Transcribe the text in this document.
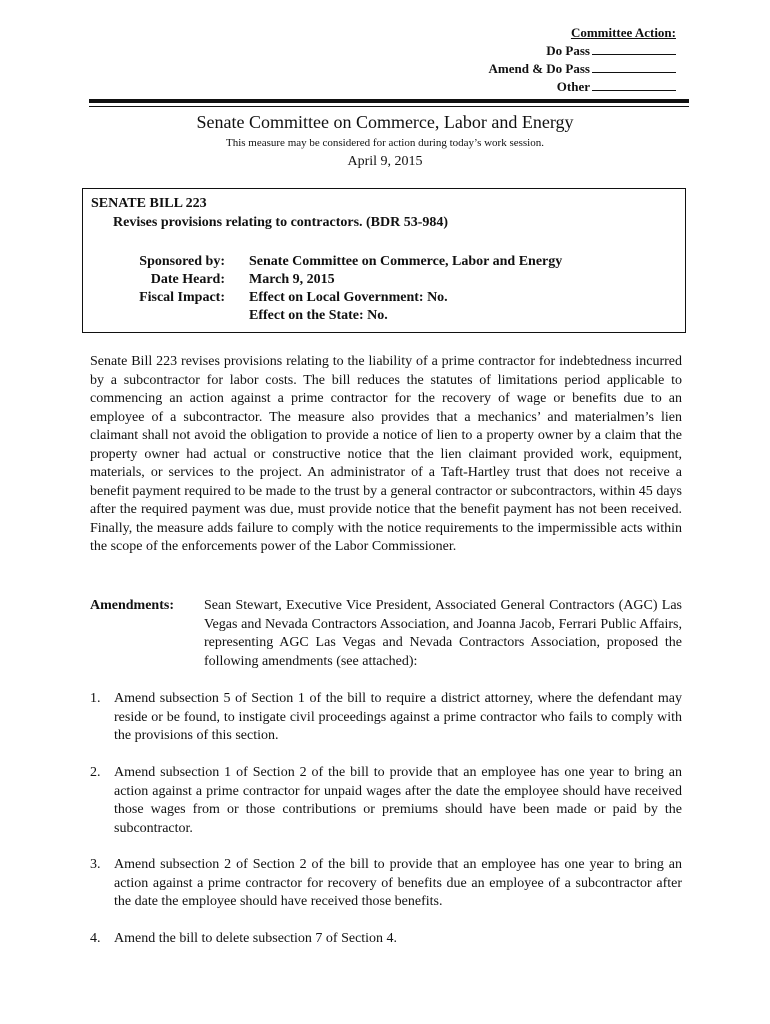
Committee Action:
Do Pass
Amend & Do Pass
Other
Senate Committee on Commerce, Labor and Energy
This measure may be considered for action during today’s work session.
April 9, 2015
SENATE BILL 223
Revises provisions relating to contractors. (BDR 53-984)
Sponsored by: Senate Committee on Commerce, Labor and Energy
Date Heard: March 9, 2015
Fiscal Impact: Effect on Local Government: No.
Effect on the State: No.
Senate Bill 223 revises provisions relating to the liability of a prime contractor for indebtedness incurred by a subcontractor for labor costs. The bill reduces the statutes of limitations period applicable to commencing an action against a prime contractor for the recovery of wage or benefits due to an employee of a subcontractor. The measure also provides that a mechanics’ and materialmen’s lien claimant shall not avoid the obligation to provide a notice of lien to a property owner by a claim that the property owner had actual or constructive notice that the lien claimant provided work, equipment, materials, or services to the project. An administrator of a Taft-Hartley trust that does not receive a benefit payment required to be made to the trust by a general contractor or subcontractors, within 45 days after the required payment was due, must provide notice that the benefit payment has not been received. Finally, the measure adds failure to comply with the notice requirements to the impermissible acts within the scope of the enforcements power of the Labor Commissioner.
Amendments: Sean Stewart, Executive Vice President, Associated General Contractors (AGC) Las Vegas and Nevada Contractors Association, and Joanna Jacob, Ferrari Public Affairs, representing AGC Las Vegas and Nevada Contractors Association, proposed the following amendments (see attached):
1. Amend subsection 5 of Section 1 of the bill to require a district attorney, where the defendant may reside or be found, to instigate civil proceedings against a prime contractor who fails to comply with the provisions of this section.
2. Amend subsection 1 of Section 2 of the bill to provide that an employee has one year to bring an action against a prime contractor for unpaid wages after the date the employee should have received those wages from or those contributions or premiums should have been made or paid by the subcontractor.
3. Amend subsection 2 of Section 2 of the bill to provide that an employee has one year to bring an action against a prime contractor for recovery of benefits due an employee of a subcontractor after the date the employee should have received those benefits.
4. Amend the bill to delete subsection 7 of Section 4.
